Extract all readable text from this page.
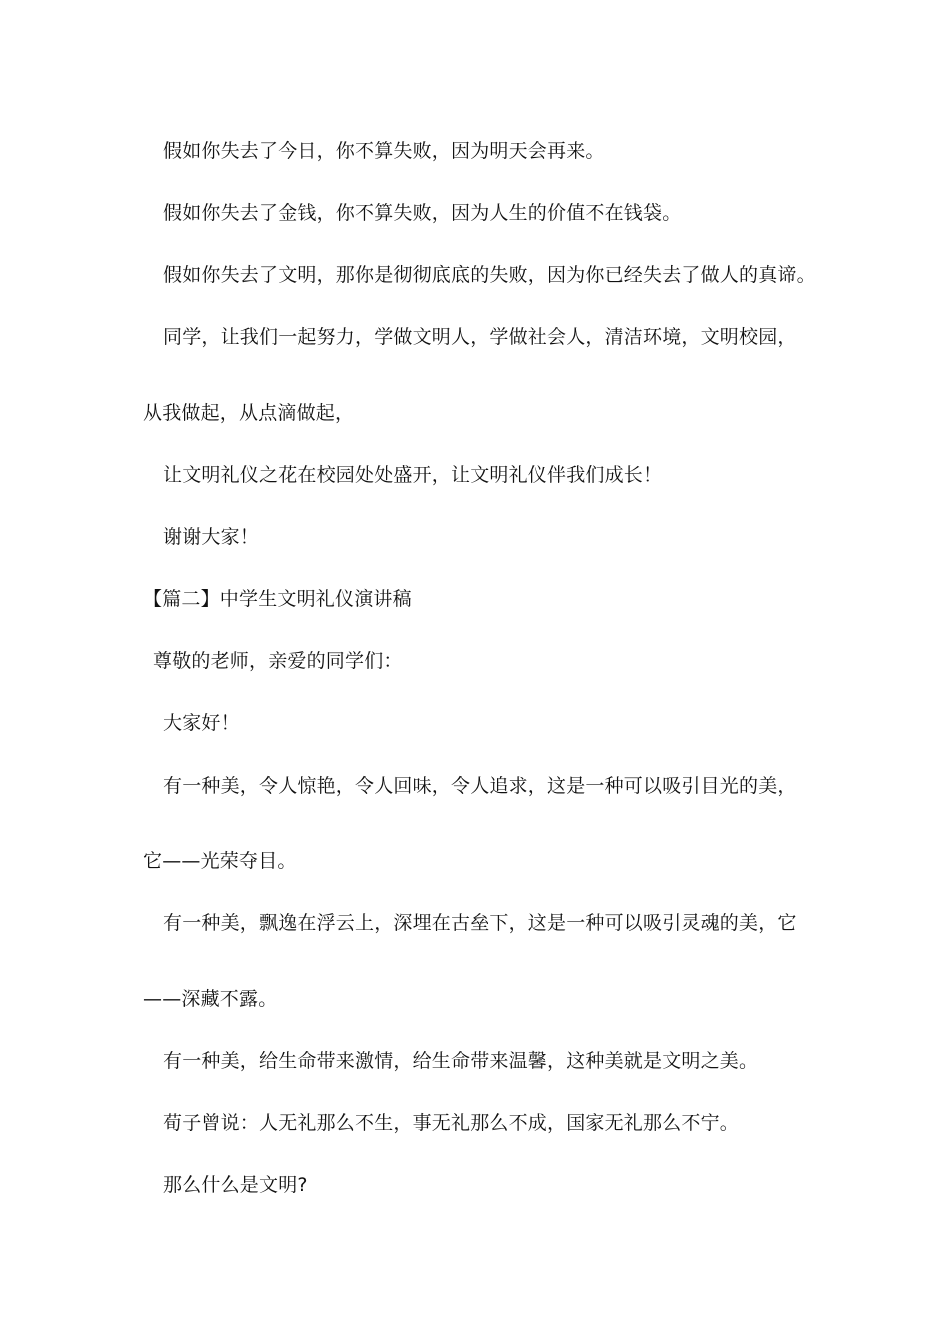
假如你失去了今日，你不算失败，因为明天会再来。
假如你失去了金钱，你不算失败，因为人生的价值不在钱袋。
假如你失去了文明，那你是彻彻底底的失败，因为你已经失去了做人的真谛。
同学，让我们一起努力，学做文明人，学做社会人，清洁环境，文明校园，
从我做起，从点滴做起，
让文明礼仪之花在校园处处盛开，让文明礼仪伴我们成长！
谢谢大家！
【篇二】中学生文明礼仪演讲稿
尊敬的老师，亲爱的同学们：
大家好！
有一种美，令人惊艳，令人回味，令人追求，这是一种可以吸引目光的美，
它——光荣夺目。
有一种美，飘逸在浮云上，深埋在古垒下，这是一种可以吸引灵魂的美，它
——深藏不露。
有一种美，给生命带来激情，给生命带来温馨，这种美就是文明之美。
荀子曾说：人无礼那么不生，事无礼那么不成，国家无礼那么不宁。
那么什么是文明?
